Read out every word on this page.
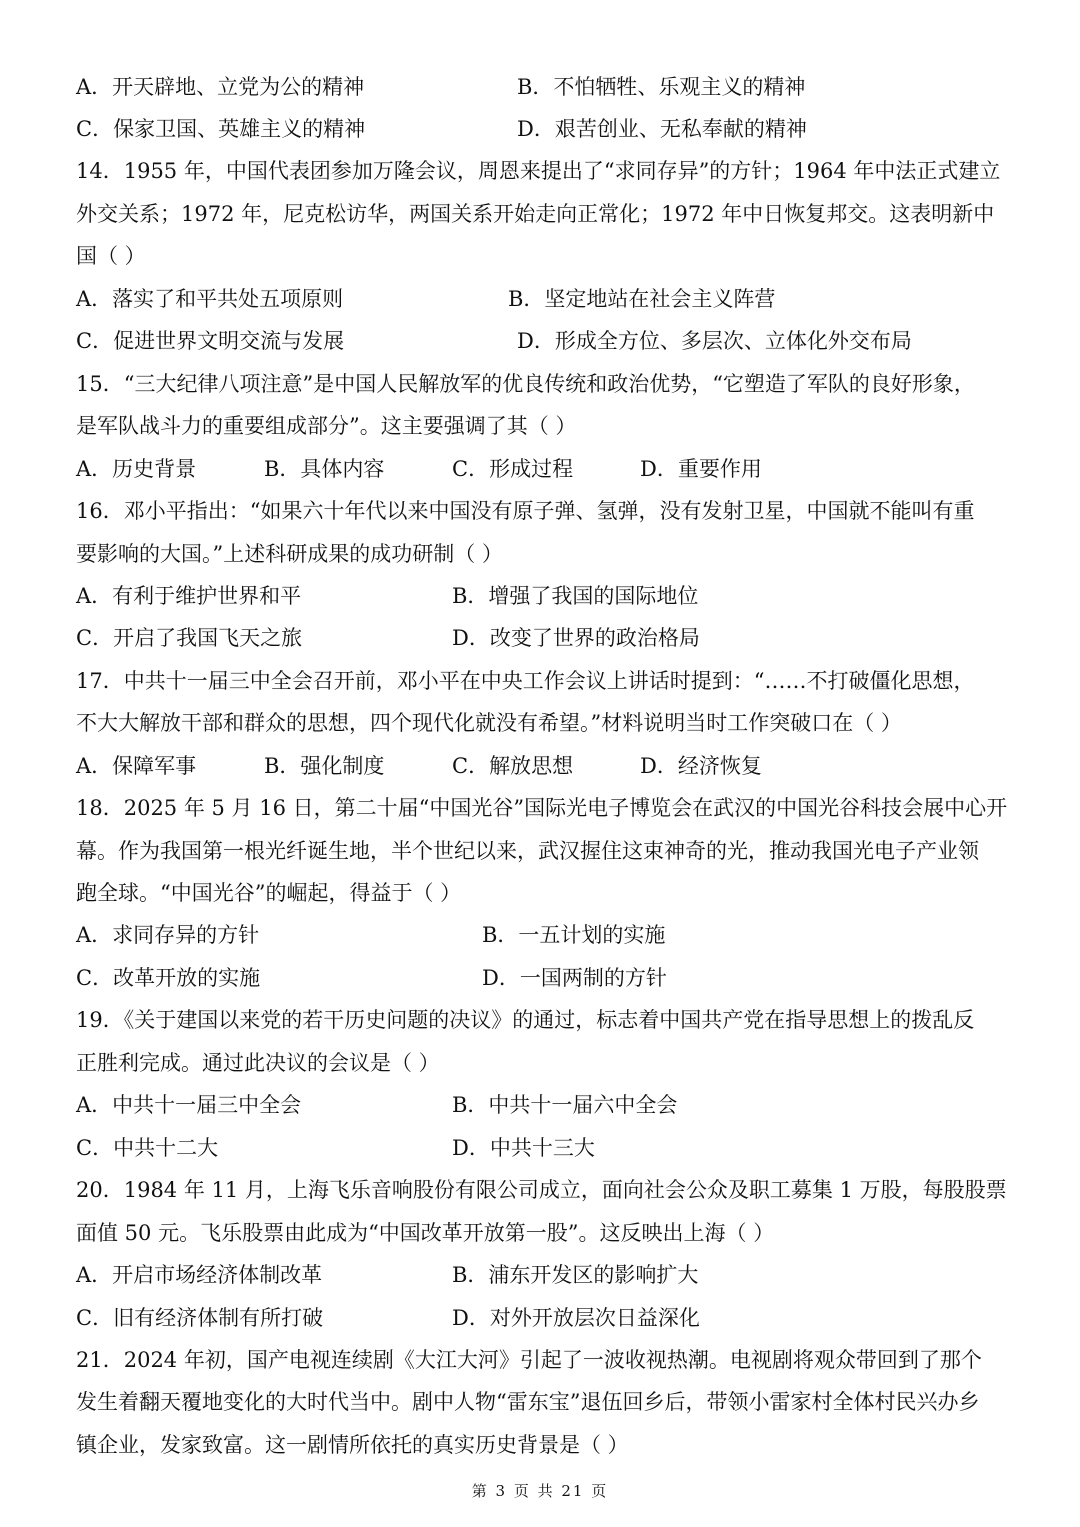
A．开天辟地、立党为公的精神	B．不怕牺牲、乐观主义的精神
C．保家卫国、英雄主义的精神	D．艰苦创业、无私奉献的精神
14．1955 年，中国代表团参加万隆会议，周恩来提出了“求同存异”的方针；1964 年中法正式建立
外交关系；1972 年，尼克松访华，两国关系开始走向正常化；1972 年中日恢复邦交。这表明新中
国（ ）
A．落实了和平共处五项原则	B．坚定地站在社会主义阵营
C．促进世界文明交流与发展	D．形成全方位、多层次、立体化外交布局
15．“三大纪律八项注意”是中国人民解放军的优良传统和政治优势，“它塑造了军队的良好形象，
是军队战斗力的重要组成部分”。这主要强调了其（ ）
A．历史背景	B．具体内容	C．形成过程	D．重要作用
16．邓小平指出：“如果六十年代以来中国没有原子弹、氢弹，没有发射卫星，中国就不能叫有重
要影响的大国。”上述科研成果的成功研制（ ）
A．有利于维护世界和平	B．增强了我国的国际地位
C．开启了我国飞天之旅	D．改变了世界的政治格局
17．中共十一届三中全会召开前，邓小平在中央工作会议上讲话时提到：“……不打破僵化思想，
不大大解放干部和群众的思想，四个现代化就没有希望。”材料说明当时工作突破口在（ ）
A．保障军事	B．强化制度	C．解放思想	D．经济恢复
18．2025 年 5 月 16 日，第二十届“中国光谷”国际光电子博览会在武汉的中国光谷科技会展中心开
幕。作为我国第一根光纤诞生地，半个世纪以来，武汉握住这束神奇的光，推动我国光电子产业领
跑全球。“中国光谷”的崛起，得益于（ ）
A．求同存异的方针	B．一五计划的实施
C．改革开放的实施	D．一国两制的方针
19．《关于建国以来党的若干历史问题的决议》的通过，标志着中国共产党在指导思想上的拨乱反
正胜利完成。通过此决议的会议是（ ）
A．中共十一届三中全会	B．中共十一届六中全会
C．中共十二大	D．中共十三大
20．1984 年 11 月，上海飞乐音响股份有限公司成立，面向社会公众及职工募集 1 万股，每股股票
面值 50 元。飞乐股票由此成为“中国改革开放第一股”。这反映出上海（ ）
A．开启市场经济体制改革	B．浦东开发区的影响扩大
C．旧有经济体制有所打破	D．对外开放层次日益深化
21．2024 年初，国产电视连续剧《大江大河》引起了一波收视热潮。电视剧将观众带回到了那个
发生着翻天覆地变化的大时代当中。剧中人物“雷东宝”退伍回乡后，带领小雷家村全体村民兴办乡
镇企业，发家致富。这一剧情所依托的真实历史背景是（ ）
第 3 页 共 21 页
